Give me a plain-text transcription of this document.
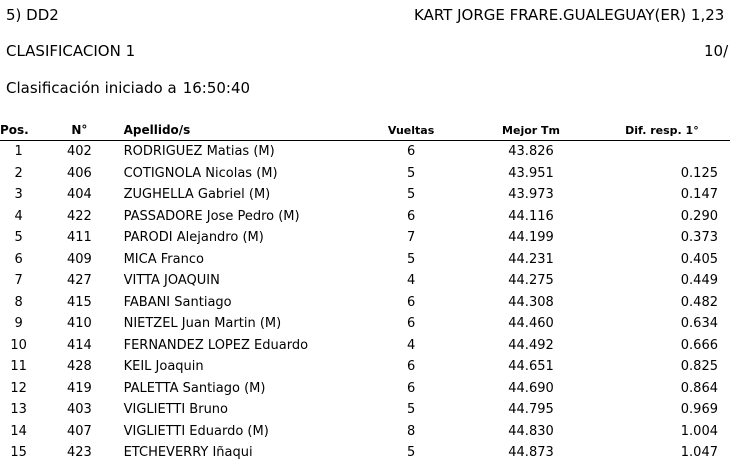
5) DD2	KART JORGE FRARE.GUALEGUAY(ER) 1,23
CLASIFICACION 1	10/
Clasificación iniciado a 16:50:40
Pos.	N°	Apellido/s	Vueltas	Mejor Tm	Dif. resp. 1°
1	402	RODRIGUEZ Matias (M)	6	43.826	
2	406	COTIGNOLA Nicolas (M)	5	43.951	0.125
3	404	ZUGHELLA Gabriel (M)	5	43.973	0.147
4	422	PASSADORE Jose Pedro (M)	6	44.116	0.290
5	411	PARODI Alejandro (M)	7	44.199	0.373
6	409	MICA Franco	5	44.231	0.405
7	427	VITTA JOAQUIN	4	44.275	0.449
8	415	FABANI Santiago	6	44.308	0.482
9	410	NIETZEL Juan Martin (M)	6	44.460	0.634
10	414	FERNANDEZ LOPEZ Eduardo	4	44.492	0.666
11	428	KEIL Joaquin	6	44.651	0.825
12	419	PALETTA Santiago (M)	6	44.690	0.864
13	403	VIGLIETTI Bruno	5	44.795	0.969
14	407	VIGLIETTI Eduardo (M)	8	44.830	1.004
15	423	ETCHEVERRY Iñaqui	5	44.873	1.047
